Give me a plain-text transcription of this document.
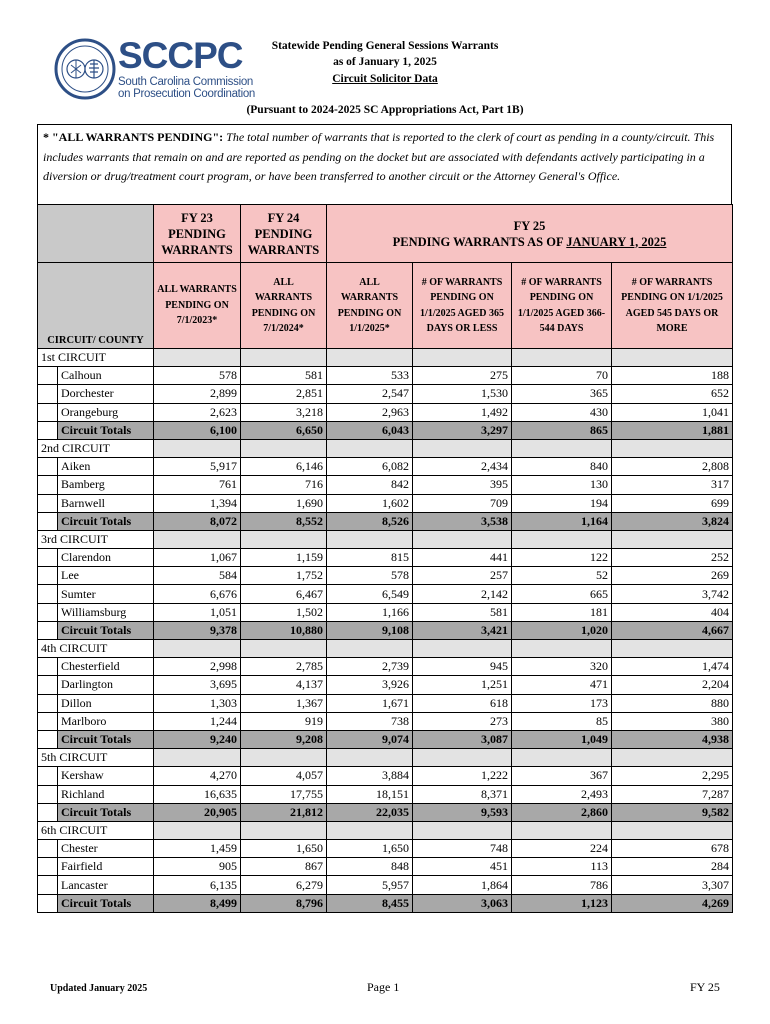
SCCPC
South Carolina Commission
on Prosecution Coordination
Statewide Pending General Sessions Warrants
as of January 1, 2025
Circuit Solicitor Data
(Pursuant to 2024-2025 SC Appropriations Act, Part 1B)
* "ALL WARRANTS PENDING": The total number of warrants that is reported to the clerk of court as pending in a county/circuit. This includes warrants that remain on and are reported as pending on the docket but are associated with defendants actively participating in a diversion or drug/treatment court program, or have been transferred to another circuit or the Attorney General's Office.
		FY 23 PENDING WARRANTS	FY 24 PENDING WARRANTS	FY 25
PENDING WARRANTS AS OF JANUARY 1, 2025			

CIRCUIT/ COUNTY		ALL WARRANTS PENDING ON 7/1/2023*	ALL WARRANTS PENDING ON 7/1/2024*	ALL WARRANTS PENDING ON 1/1/2025*	# OF WARRANTS PENDING ON 1/1/2025 AGED 365 DAYS OR LESS	# OF WARRANTS PENDING ON 1/1/2025 AGED 366-544 DAYS	# OF WARRANTS PENDING ON 1/1/2025 AGED 545 DAYS OR MORE
1st CIRCUIT							
	Calhoun	578	581	533	275	70	188
	Dorchester	2,899	2,851	2,547	1,530	365	652
	Orangeburg	2,623	3,218	2,963	1,492	430	1,041
	Circuit Totals	6,100	6,650	6,043	3,297	865	1,881
2nd CIRCUIT							
	Aiken	5,917	6,146	6,082	2,434	840	2,808
	Bamberg	761	716	842	395	130	317
	Barnwell	1,394	1,690	1,602	709	194	699
	Circuit Totals	8,072	8,552	8,526	3,538	1,164	3,824
3rd CIRCUIT							
	Clarendon	1,067	1,159	815	441	122	252
	Lee	584	1,752	578	257	52	269
	Sumter	6,676	6,467	6,549	2,142	665	3,742
	Williamsburg	1,051	1,502	1,166	581	181	404
	Circuit Totals	9,378	10,880	9,108	3,421	1,020	4,667
4th CIRCUIT							
	Chesterfield	2,998	2,785	2,739	945	320	1,474
	Darlington	3,695	4,137	3,926	1,251	471	2,204
	Dillon	1,303	1,367	1,671	618	173	880
	Marlboro	1,244	919	738	273	85	380
	Circuit Totals	9,240	9,208	9,074	3,087	1,049	4,938
5th CIRCUIT							
	Kershaw	4,270	4,057	3,884	1,222	367	2,295
	Richland	16,635	17,755	18,151	8,371	2,493	7,287
	Circuit Totals	20,905	21,812	22,035	9,593	2,860	9,582
6th CIRCUIT							
	Chester	1,459	1,650	1,650	748	224	678
	Fairfield	905	867	848	451	113	284
	Lancaster	6,135	6,279	5,957	1,864	786	3,307
	Circuit Totals	8,499	8,796	8,455	3,063	1,123	4,269
Updated January 2025	Page 1	FY 25
